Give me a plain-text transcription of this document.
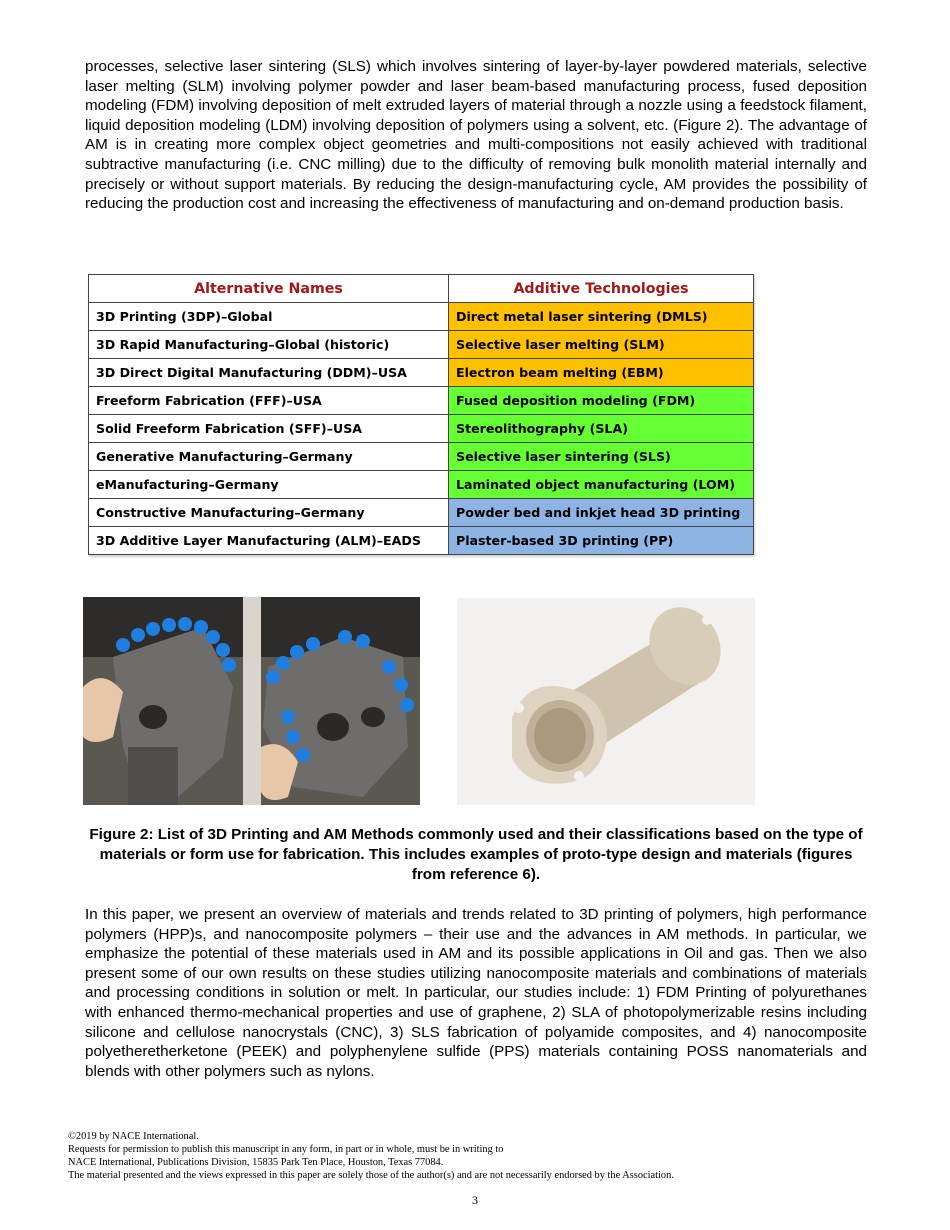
processes, selective laser sintering (SLS) which involves sintering of layer-by-layer powdered materials, selective laser melting (SLM) involving polymer powder and laser beam-based manufacturing process, fused deposition modeling (FDM) involving deposition of melt extruded layers of material through a nozzle using a feedstock filament, liquid deposition modeling (LDM) involving deposition of polymers using a solvent, etc. (Figure 2). The advantage of AM is in creating more complex object geometries and multi-compositions not easily achieved with traditional subtractive manufacturing (i.e. CNC milling) due to the difficulty of removing bulk monolith material internally and precisely or without support materials. By reducing the design-manufacturing cycle, AM provides the possibility of reducing the production cost and increasing the effectiveness of manufacturing and on-demand production basis.

Alternative Names	Additive Technologies
3D Printing (3DP)–Global	Direct metal laser sintering (DMLS)
3D Rapid Manufacturing–Global (historic)	Selective laser melting (SLM)
3D Direct Digital Manufacturing (DDM)–USA	Electron beam melting (EBM)
Freeform Fabrication (FFF)–USA	Fused deposition modeling (FDM)
Solid Freeform Fabrication (SFF)–USA	Stereolithography (SLA)
Generative Manufacturing–Germany	Selective laser sintering (SLS)
eManufacturing–Germany	Laminated object manufacturing (LOM)
Constructive Manufacturing–Germany	Powder bed and inkjet head 3D printing
3D Additive Layer Manufacturing (ALM)–EADS	Plaster-based 3D printing (PP)

Figure 2: List of 3D Printing and AM Methods commonly used and their classifications based on the type of materials or form use for fabrication. This includes examples of proto-type design and materials (figures from reference 6).

In this paper, we present an overview of materials and trends related to 3D printing of polymers, high performance polymers (HPP)s, and nanocomposite polymers – their use and the advances in AM methods. In particular, we emphasize the potential of these materials used in AM and its possible applications in Oil and gas. Then we also present some of our own results on these studies utilizing nanocomposite materials and combinations of materials and processing conditions in solution or melt. In particular, our studies include: 1) FDM Printing of polyurethanes with enhanced thermo-mechanical properties and use of graphene, 2) SLA of photopolymerizable resins including silicone and cellulose nanocrystals (CNC), 3) SLS fabrication of polyamide composites, and 4) nanocomposite polyetheretherketone (PEEK) and polyphenylene sulfide (PPS) materials containing POSS nanomaterials and blends with other polymers such as nylons.

©2019 by NACE International.
Requests for permission to publish this manuscript in any form, in part or in whole, must be in writing to
NACE International, Publications Division, 15835 Park Ten Place, Houston, Texas 77084.
The material presented and the views expressed in this paper are solely those of the author(s) and are not necessarily endorsed by the Association.
3
